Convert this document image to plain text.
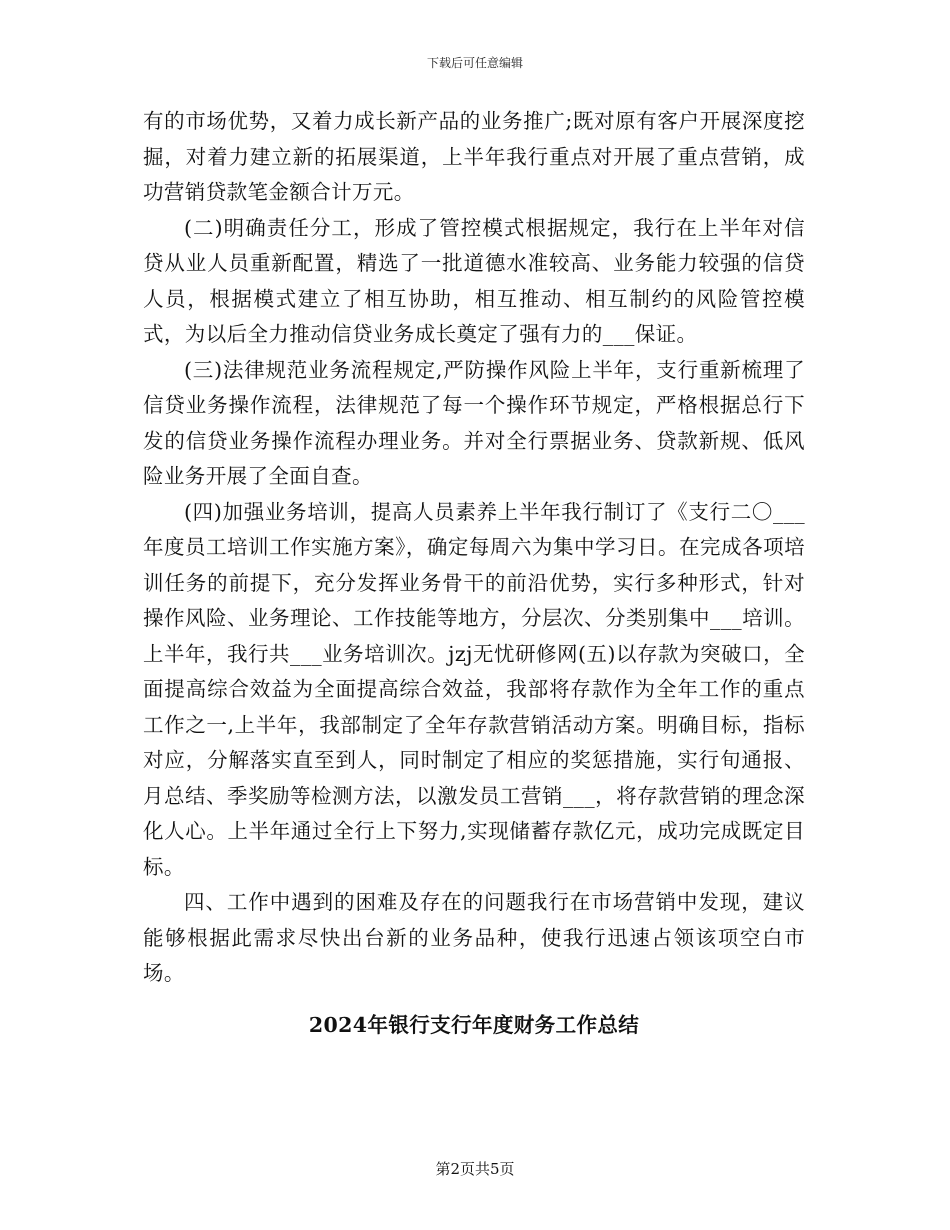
下载后可任意编辑

有的市场优势，又着力成长新产品的业务推广;既对原有客户开展深度挖掘，对着力建立新的拓展渠道，上半年我行重点对开展了重点营销，成功营销贷款笔金额合计万元。

(二)明确责任分工，形成了管控模式根据规定，我行在上半年对信贷从业人员重新配置，精选了一批道德水准较高、业务能力较强的信贷人员，根据模式建立了相互协助，相互推动、相互制约的风险管控模式，为以后全力推动信贷业务成长奠定了强有力的___保证。

(三)法律规范业务流程规定,严防操作风险上半年，支行重新梳理了信贷业务操作流程，法律规范了每一个操作环节规定，严格根据总行下发的信贷业务操作流程办理业务。并对全行票据业务、贷款新规、低风险业务开展了全面自查。

(四)加强业务培训，提高人员素养上半年我行制订了《支行二〇___年度员工培训工作实施方案》，确定每周六为集中学习日。在完成各项培训任务的前提下，充分发挥业务骨干的前沿优势，实行多种形式，针对操作风险、业务理论、工作技能等地方，分层次、分类别集中___培训。上半年，我行共___业务培训次。jzj无忧研修网(五)以存款为突破口，全面提高综合效益为全面提高综合效益，我部将存款作为全年工作的重点工作之一,上半年，我部制定了全年存款营销活动方案。明确目标，指标对应，分解落实直至到人，同时制定了相应的奖惩措施，实行旬通报、月总结、季奖励等检测方法，以激发员工营销___，将存款营销的理念深化人心。上半年通过全行上下努力,实现储蓄存款亿元，成功完成既定目标。

四、工作中遇到的困难及存在的问题我行在市场营销中发现，建议能够根据此需求尽快出台新的业务品种，使我行迅速占领该项空白市场。

2024年银行支行年度财务工作总结
第2页共5页
